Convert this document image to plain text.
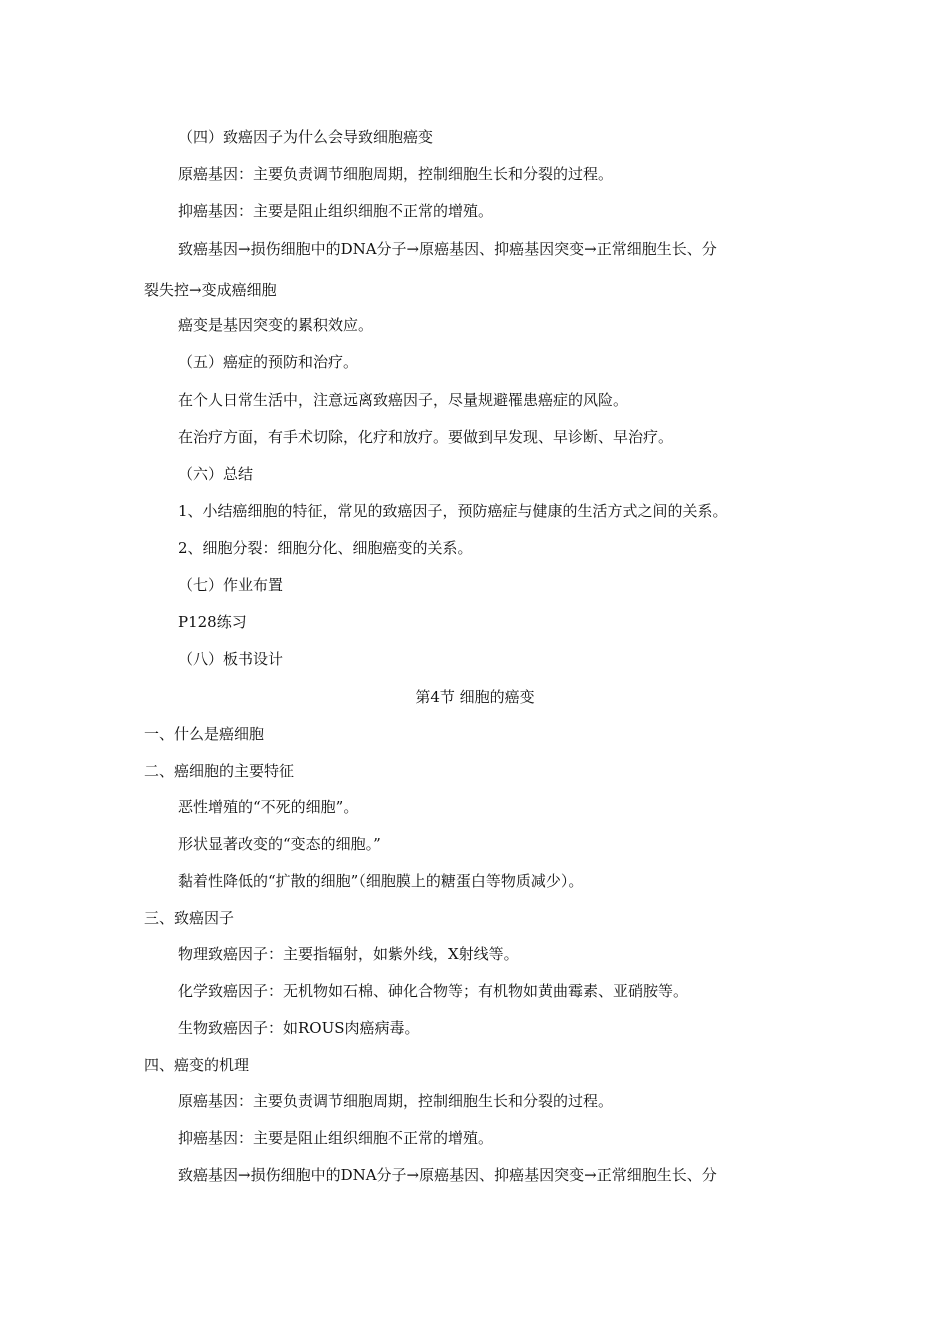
（四）致癌因子为什么会导致细胞癌变
原癌基因：主要负责调节细胞周期，控制细胞生长和分裂的过程。
抑癌基因：主要是阻止组织细胞不正常的增殖。
致癌基因→损伤细胞中的DNA分子→原癌基因、抑癌基因突变→正常细胞生长、分
裂失控→变成癌细胞
癌变是基因突变的累积效应。
（五）癌症的预防和治疗。
在个人日常生活中，注意远离致癌因子，尽量规避罹患癌症的风险。
在治疗方面，有手术切除，化疗和放疗。要做到早发现、早诊断、早治疗。
（六）总结
1、小结癌细胞的特征，常见的致癌因子，预防癌症与健康的生活方式之间的关系。
2、细胞分裂：细胞分化、细胞癌变的关系。
（七）作业布置
P128练习
（八）板书设计
第4节 细胞的癌变
一、什么是癌细胞
二、癌细胞的主要特征
恶性增殖的“不死的细胞”。
形状显著改变的“变态的细胞。”
黏着性降低的“扩散的细胞”（细胞膜上的糖蛋白等物质减少）。
三、致癌因子
物理致癌因子：主要指辐射，如紫外线，X射线等。
化学致癌因子：无机物如石棉、砷化合物等；有机物如黄曲霉素、亚硝胺等。
生物致癌因子：如ROUS肉癌病毒。
四、癌变的机理
原癌基因：主要负责调节细胞周期，控制细胞生长和分裂的过程。
抑癌基因：主要是阻止组织细胞不正常的增殖。
致癌基因→损伤细胞中的DNA分子→原癌基因、抑癌基因突变→正常细胞生长、分
